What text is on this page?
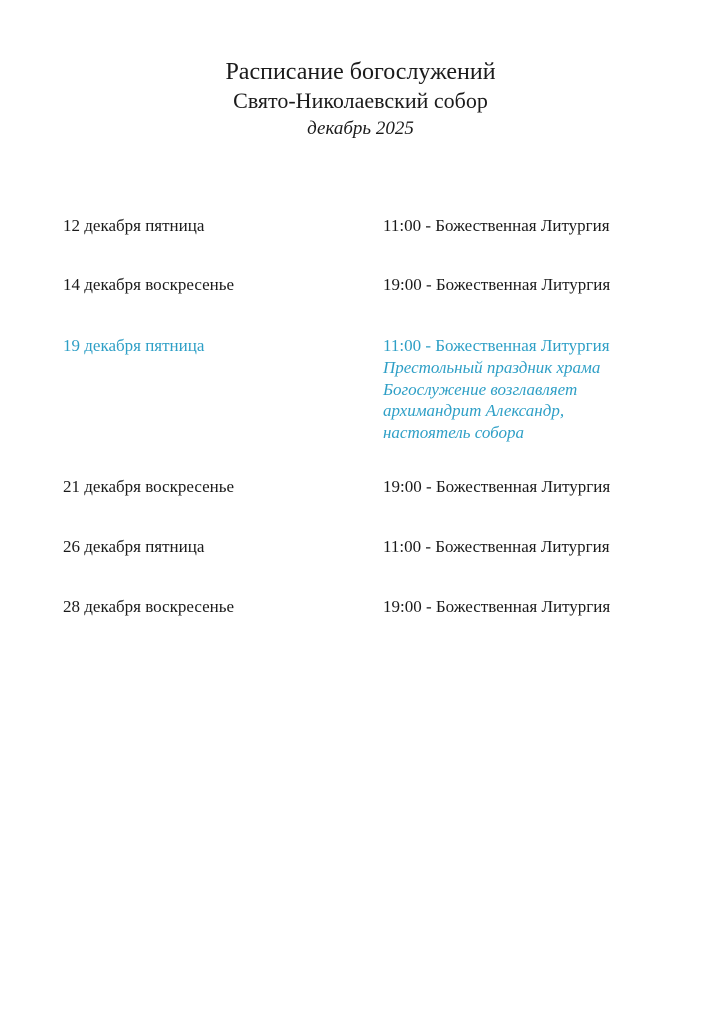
Расписание богослужений
Свято-Николаевский собор
декабрь 2025
12 декабря пятница	11:00 - Божественная Литургия
14 декабря воскресенье	19:00 - Божественная Литургия
19 декабря пятница	11:00 - Божественная Литургия
Престольный праздник храма
Богослужение возглавляет
архимандрит Александр,
настоятель собора
21 декабря воскресенье	19:00 - Божественная Литургия
26 декабря пятница	11:00 - Божественная Литургия
28 декабря воскресенье	19:00 - Божественная Литургия
